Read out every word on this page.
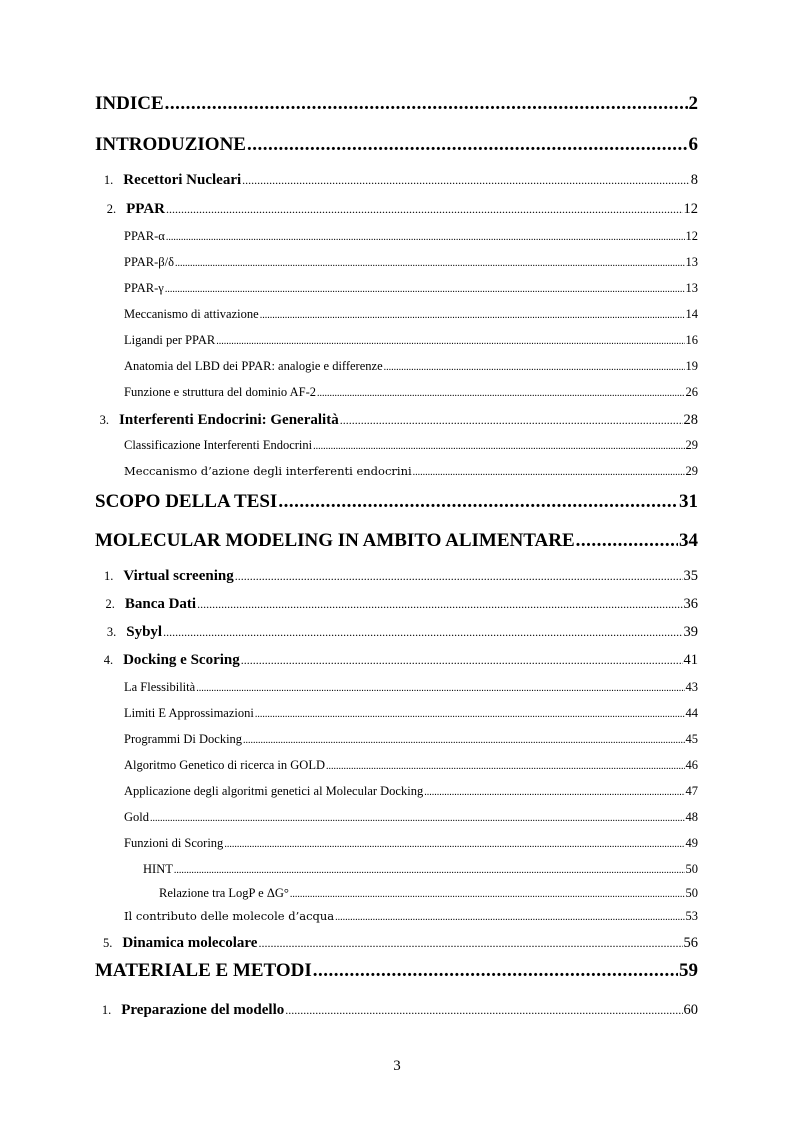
INDICE .....	2
INTRODUZIONE .....	6
1. Recettori Nucleari .....	8
2. PPAR .....	12
PPAR-α .....	12
PPAR-β/δ .....	13
PPAR-γ .....	13
Meccanismo di attivazione .....	14
Ligandi per PPAR .....	16
Anatomia del LBD dei PPAR: analogie e differenze .....	19
Funzione e struttura del dominio AF-2 .....	26
3. Interferenti Endocrini: Generalità .....	28
Classificazione Interferenti Endocrini .....	29
Meccanismo d’azione degli interferenti endocrini .....	29
SCOPO DELLA TESI .....	31
MOLECULAR MODELING IN AMBITO ALIMENTARE .....	34
1. Virtual screening .....	35
2. Banca Dati .....	36
3. Sybyl .....	39
4. Docking e Scoring .....	41
La Flessibilità .....	43
Limiti E Approssimazioni .....	44
Programmi Di Docking .....	45
Algoritmo Genetico di ricerca in GOLD .....	46
Applicazione degli algoritmi genetici al Molecular Docking .....	47
Gold .....	48
Funzioni di Scoring .....	49
HINT .....	50
Relazione tra LogP e ΔG° .....	50
Il contributo delle molecole d’acqua .....	53
5. Dinamica molecolare .....	56
MATERIALE E METODI .....	59
1. Preparazione del modello .....	60
3
